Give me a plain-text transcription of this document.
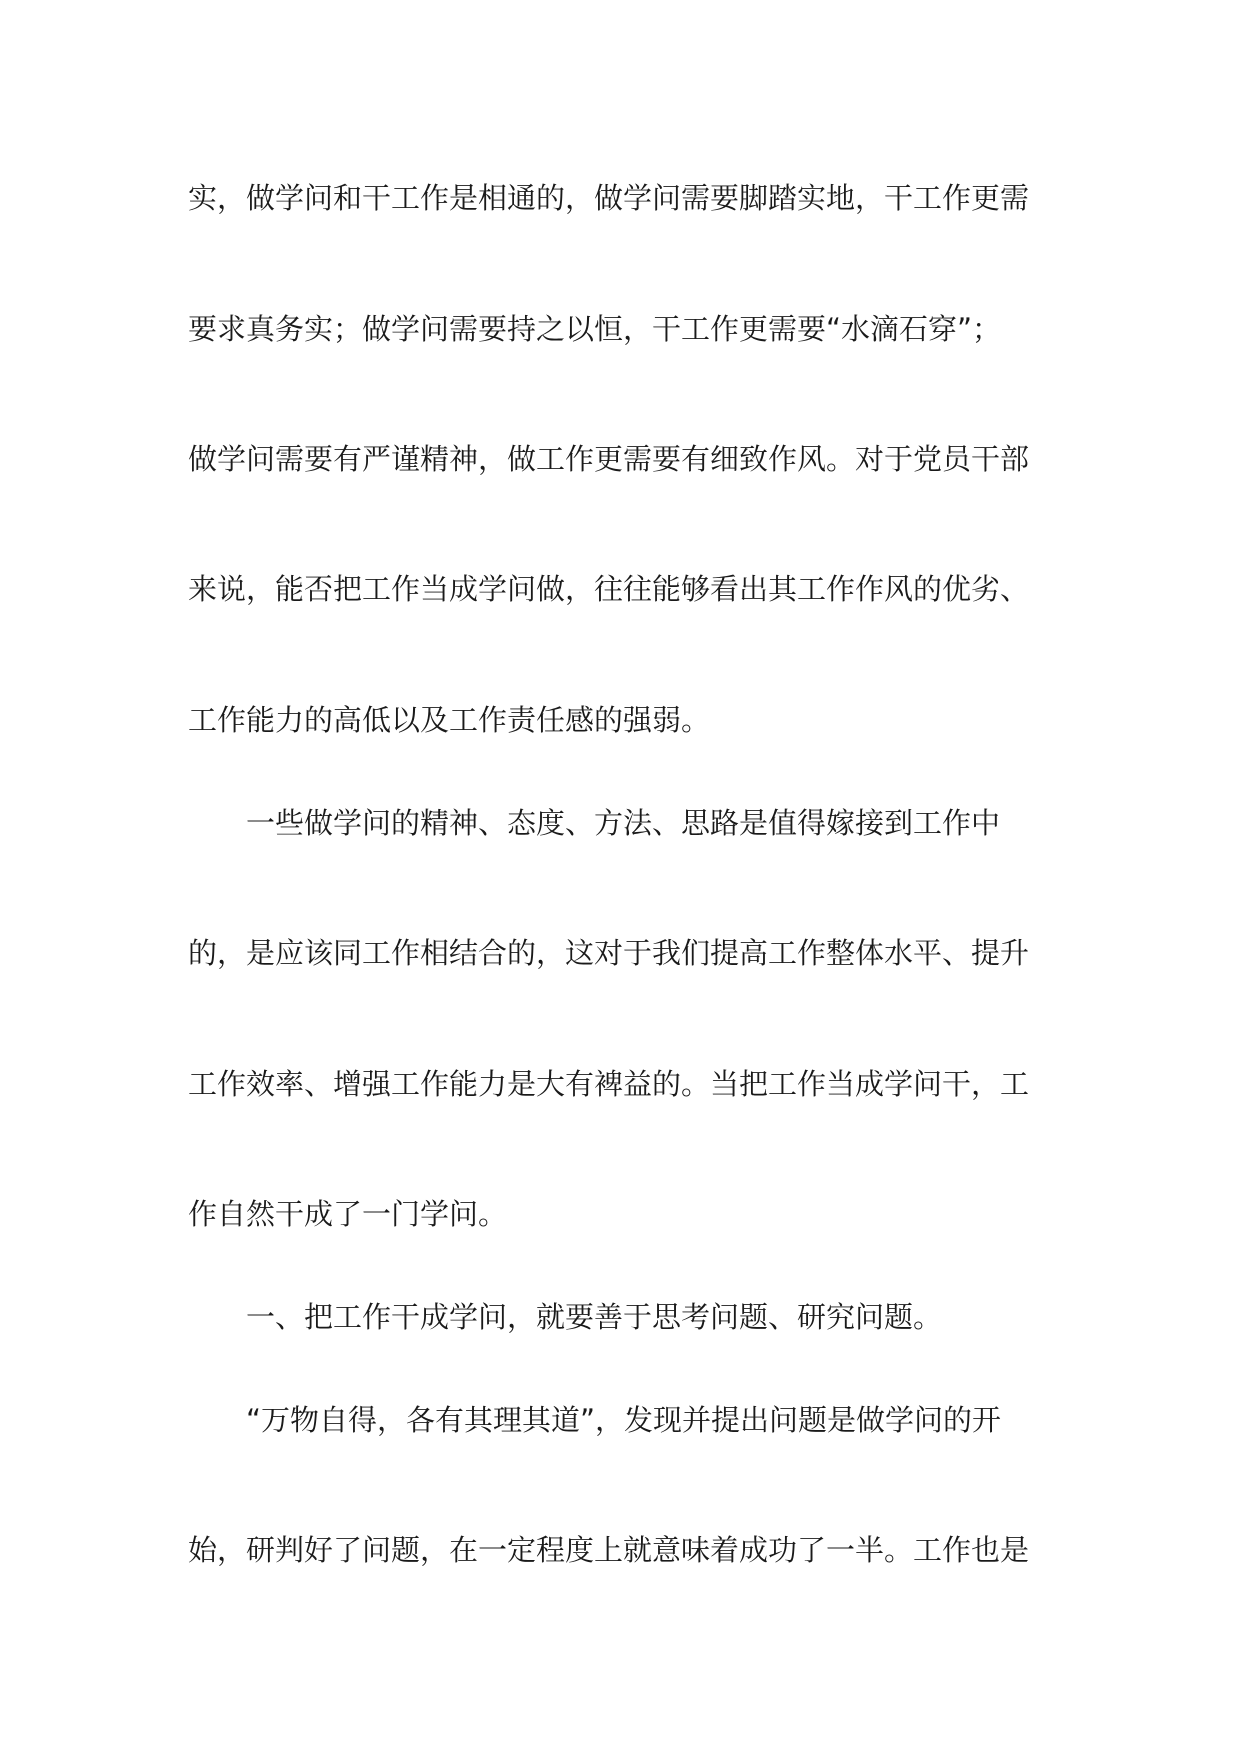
实，做学问和干工作是相通的，做学问需要脚踏实地，干工作更需
要求真务实；做学问需要持之以恒，干工作更需要“水滴石穿”；
做学问需要有严谨精神，做工作更需要有细致作风。对于党员干部
来说，能否把工作当成学问做，往往能够看出其工作作风的优劣、
工作能力的高低以及工作责任感的强弱。
一些做学问的精神、态度、方法、思路是值得嫁接到工作中
的，是应该同工作相结合的，这对于我们提高工作整体水平、提升
工作效率、增强工作能力是大有裨益的。当把工作当成学问干，工
作自然干成了一门学问。
一、把工作干成学问，就要善于思考问题、研究问题。
“万物自得，各有其理其道”，发现并提出问题是做学问的开
始，研判好了问题，在一定程度上就意味着成功了一半。工作也是
